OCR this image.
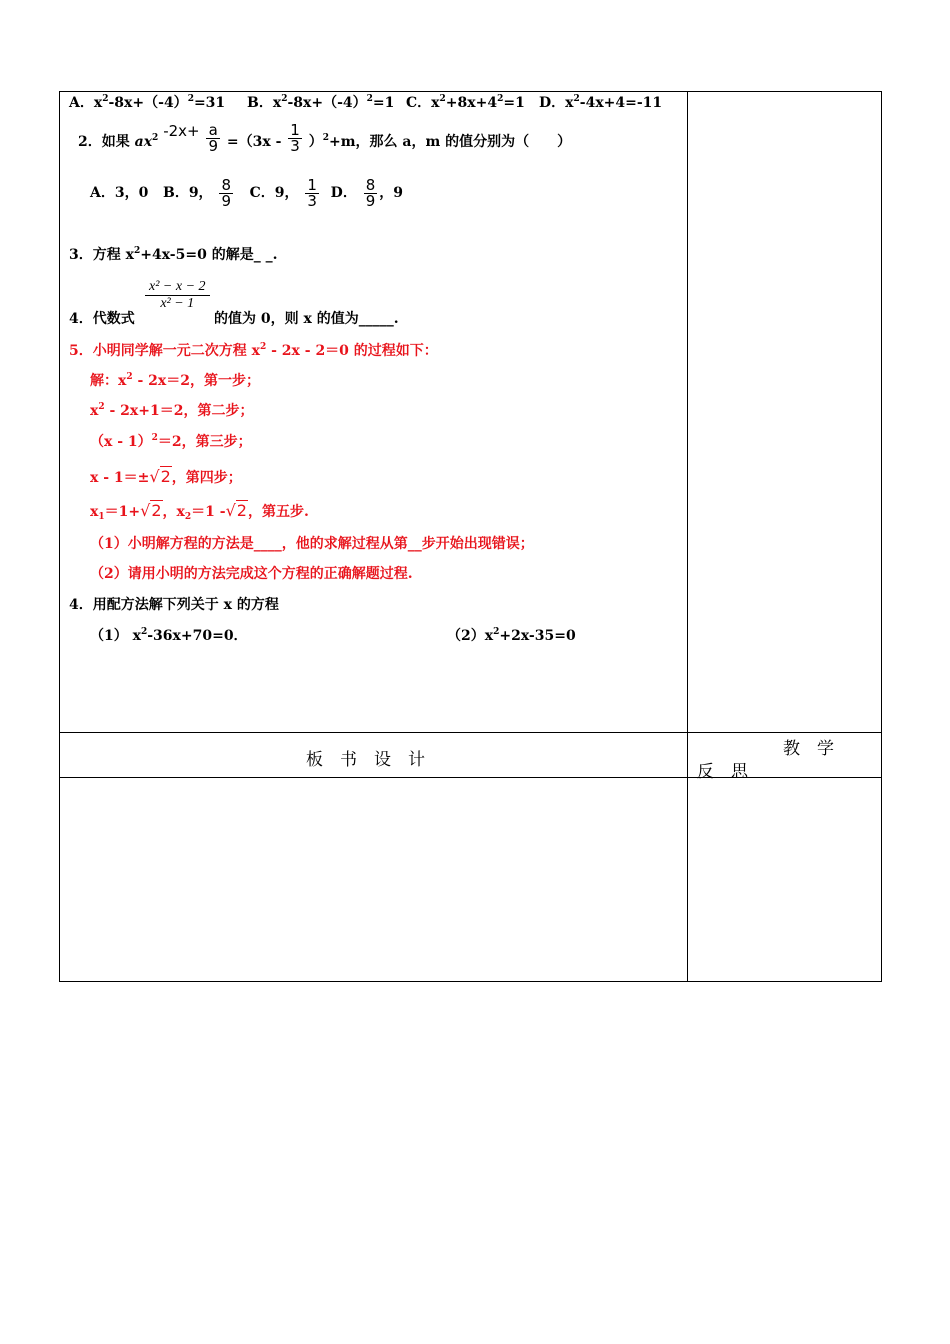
A．$x^2-8x+(-4)^2=31$ B．$x^2-8x+(-4)^2=1$ C．$x^2+8x+4^2=1$ D．$x^2-4x+4=-11$
2．如果 $ax^2$ $-2x+ \frac{a}{9} =(3x - \frac{1}{3} )^2+m$，那么 a，m 的值分别为（　　）
A．3，0 B．9， $\frac{8}{9}$ C．9， $\frac{1}{3}$ D． $\frac{8}{9}$ ，9
3．方程 $x^2+4x-5=0$ 的解是_ _.
x² − x − 2
x² − 1
4．代数式	的值为 0，则 x 的值为_____.
5．小明同学解一元二次方程 $x^2 - 2x - 2=0$ 的过程如下：
解：$x^2 - 2x=2$，第一步；
$x^2 - 2x+1=2$，第二步；
（x - 1）$^2$＝2，第三步；
x - 1＝±√2，第四步；
$x_1=1+√2$，$x_2=1$ -√2，第五步.
（1）小明解方程的方法是____，他的求解过程从第__步开始出现错误；
（2）请用小明的方法完成这个方程的正确解题过程.
4．用配方法解下列关于 x 的方程
（1） $x^2-36x+70=0$．	$(2)x^2+2x-35=0$
板　书　设　计
教　学
反　思
